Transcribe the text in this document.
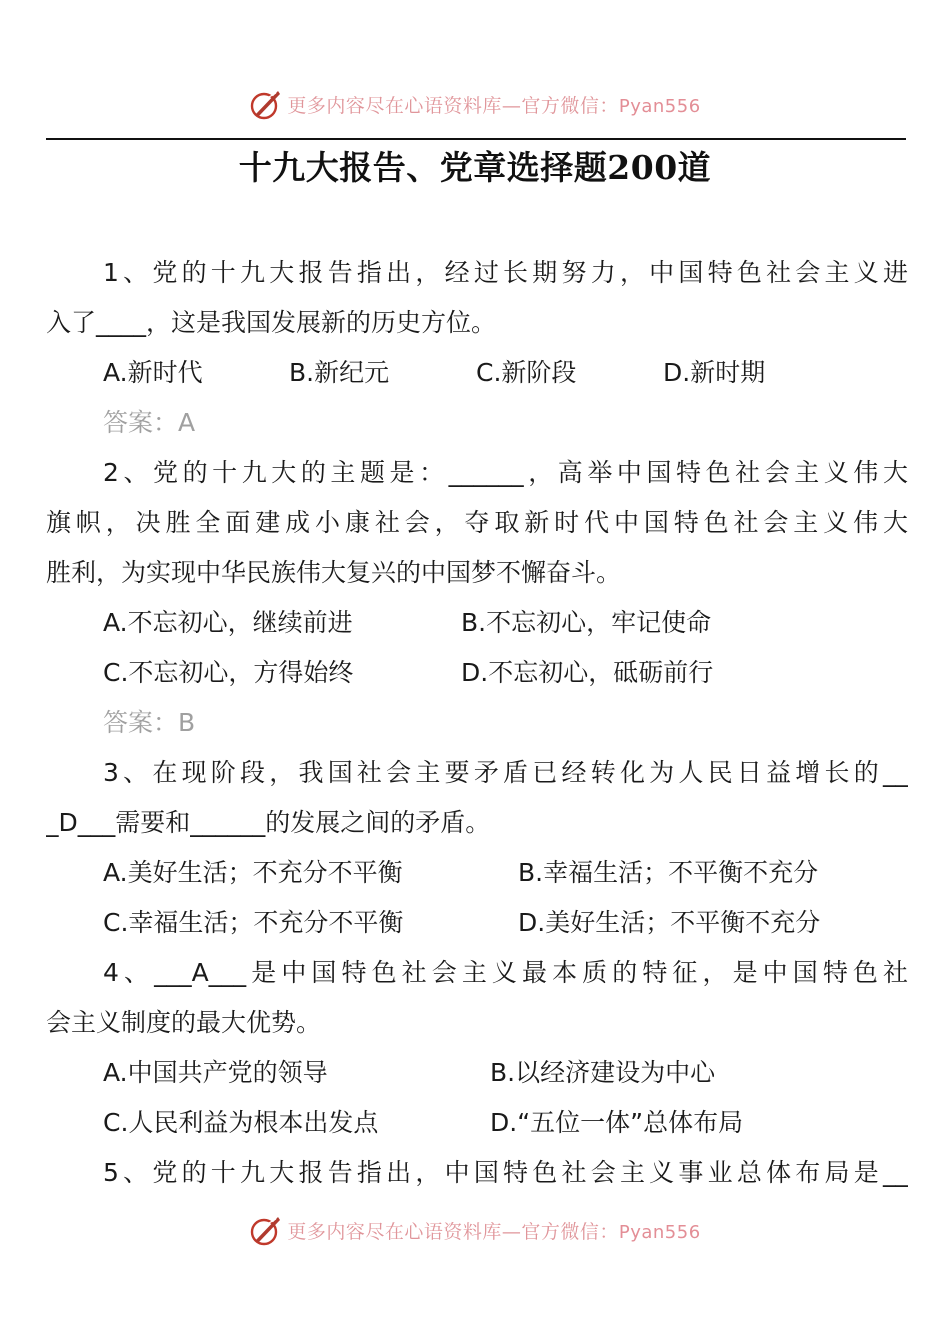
更多内容尽在心语资料库—官方微信：Pyan556
十九大报告、党章选择题200道
1、党的十九大报告指出，经过长期努力，中国特色社会主义进
入了____，这是我国发展新的历史方位。
A.新时代	B.新纪元	C.新阶段	D.新时期
答案：A
2、党的十九大的主题是：______，高举中国特色社会主义伟大
旗帜，决胜全面建成小康社会，夺取新时代中国特色社会主义伟大
胜利，为实现中华民族伟大复兴的中国梦不懈奋斗。
A.不忘初心，继续前进	B.不忘初心，牢记使命
C.不忘初心，方得始终	D.不忘初心，砥砺前行
答案：B
3、在现阶段，我国社会主要矛盾已经转化为人民日益增长的__
_D___需要和______的发展之间的矛盾。
A.美好生活；不充分不平衡	B.幸福生活；不平衡不充分
C.幸福生活；不充分不平衡	D.美好生活；不平衡不充分
4、___A___是中国特色社会主义最本质的特征，是中国特色社
会主义制度的最大优势。
A.中国共产党的领导	B.以经济建设为中心
C.人民利益为根本出发点	D.“五位一体”总体布局
5、党的十九大报告指出，中国特色社会主义事业总体布局是__
更多内容尽在心语资料库—官方微信：Pyan556
